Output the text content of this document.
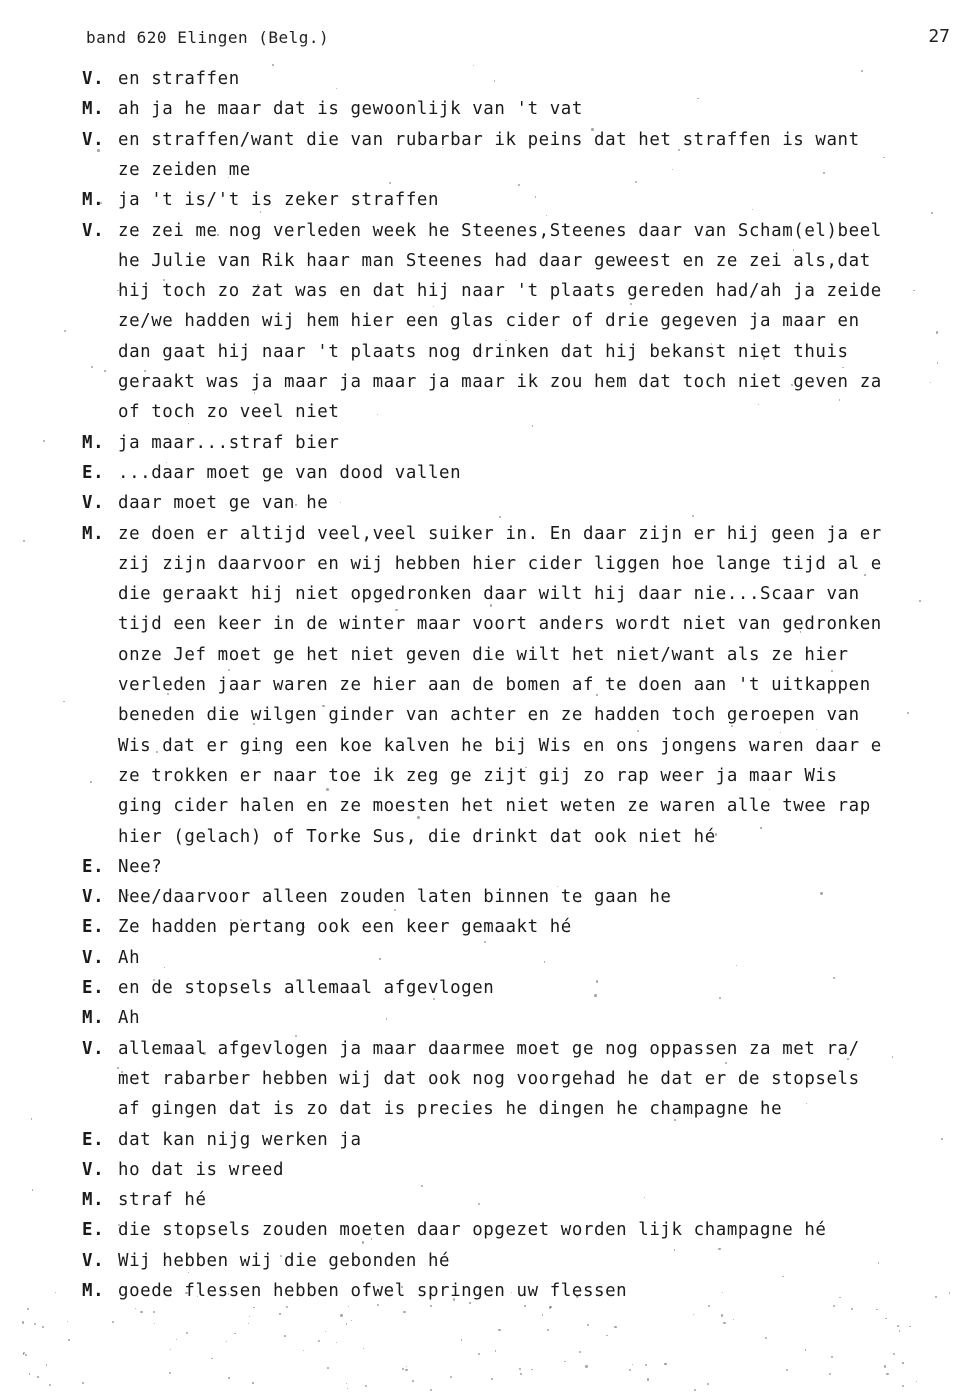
band 620 Elingen (Belg.)	27
V. en straffen
M. ah ja he maar dat is gewoonlijk van 't vat
V. en straffen/want die van rubarbar ik peins dat het straffen is want
ze zeiden me
M. ja 't is/'t is zeker straffen
V. ze zei me nog verleden week he Steenes,Steenes daar van Scham(el)beel
he Julie van Rik haar man Steenes had daar geweest en ze zei als,dat
hij toch zo zat was en dat hij naar 't plaats gereden had/ah ja zeide
ze/we hadden wij hem hier een glas cider of drie gegeven ja maar en
dan gaat hij naar 't plaats nog drinken dat hij bekanst niet thuis
geraakt was ja maar ja maar ja maar ik zou hem dat toch niet geven za
of toch zo veel niet
M. ja maar...straf bier
E. ...daar moet ge van dood vallen
V. daar moet ge van he
M. ze doen er altijd veel,veel suiker in. En daar zijn er hij geen ja er
zij zijn daarvoor en wij hebben hier cider liggen hoe lange tijd al e
die geraakt hij niet opgedronken daar wilt hij daar nie...Scaar van
tijd een keer in de winter maar voort anders wordt niet van gedronken
onze Jef moet ge het niet geven die wilt het niet/want als ze hier
verleden jaar waren ze hier aan de bomen af te doen aan 't uitkappen
beneden die wilgen ginder van achter en ze hadden toch geroepen van
Wis dat er ging een koe kalven he bij Wis en ons jongens waren daar e
ze trokken er naar toe ik zeg ge zijt gij zo rap weer ja maar Wis
ging cider halen en ze moesten het niet weten ze waren alle twee rap
hier (gelach) of Torke Sus, die drinkt dat ook niet hé
E. Nee?
V. Nee/daarvoor alleen zouden laten binnen te gaan he
E. Ze hadden pertang ook een keer gemaakt hé
V. Ah
E. en de stopsels allemaal afgevlogen
M. Ah
V. allemaal afgevlogen ja maar daarmee moet ge nog oppassen za met ra/
met rabarber hebben wij dat ook nog voorgehad he dat er de stopsels
af gingen dat is zo dat is precies he dingen he champagne he
E. dat kan nijg werken ja
V. ho dat is wreed
M. straf hé
E. die stopsels zouden moeten daar opgezet worden lijk champagne hé
V. Wij hebben wij die gebonden hé
M. goede flessen hebben ofwel springen uw flessen
